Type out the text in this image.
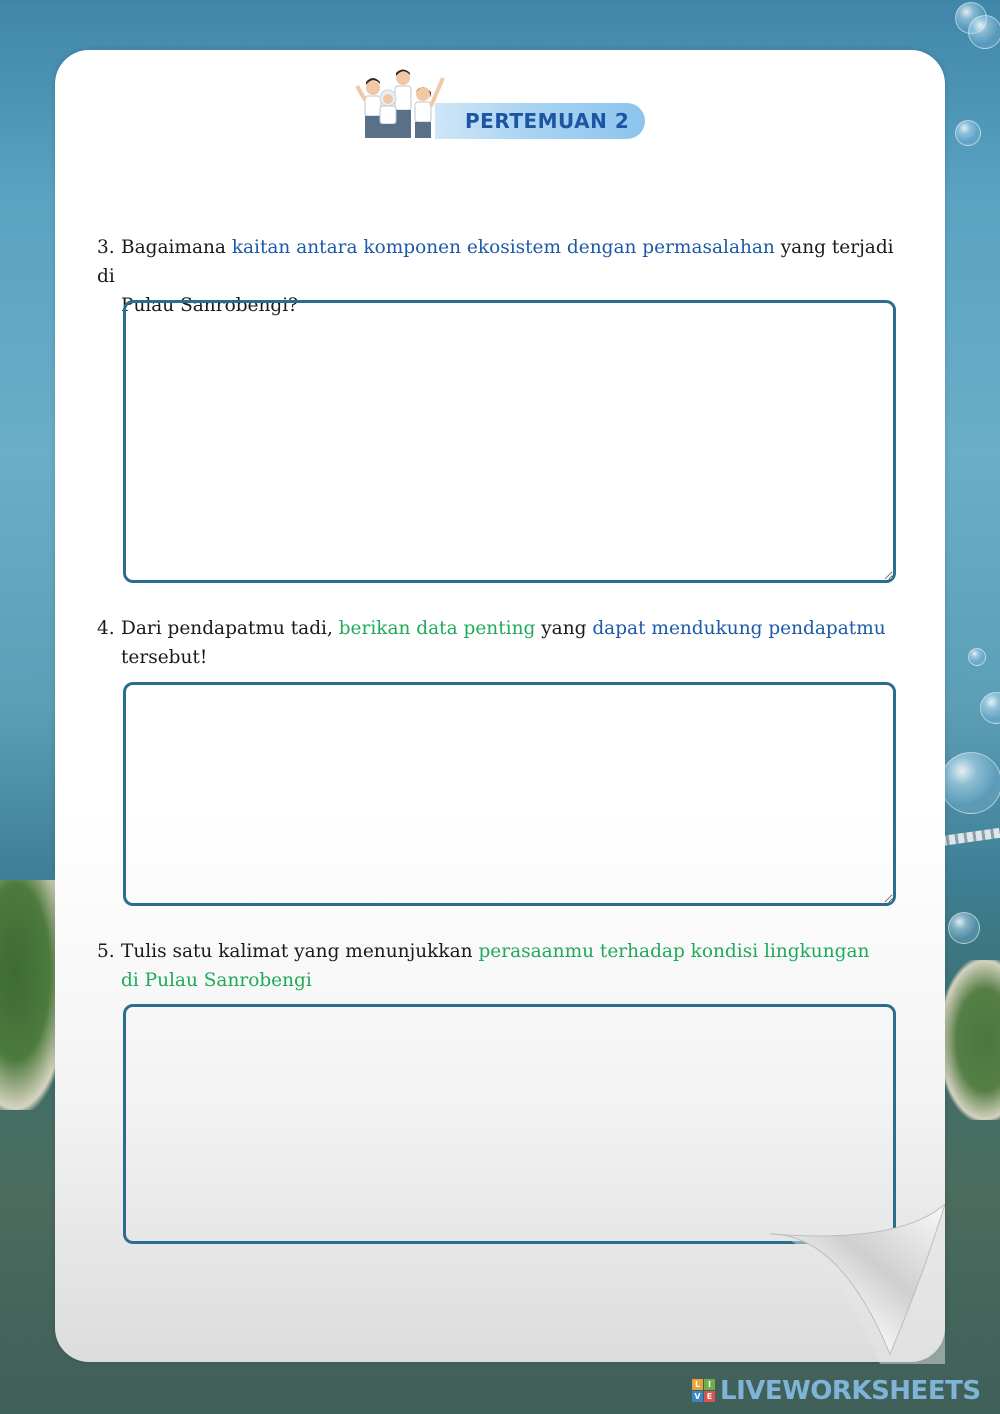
PERTEMUAN 2
3. Bagaimana kaitan antara komponen ekosistem dengan permasalahan yang terjadi di
Pulau Sanrobengi?
4. Dari pendapatmu tadi, berikan data penting yang dapat mendukung pendapatmu
tersebut!
5. Tulis satu kalimat yang menunjukkan perasaanmu terhadap kondisi lingkungan
di Pulau Sanrobengi
L I
V E LIVEWORKSHEETS
